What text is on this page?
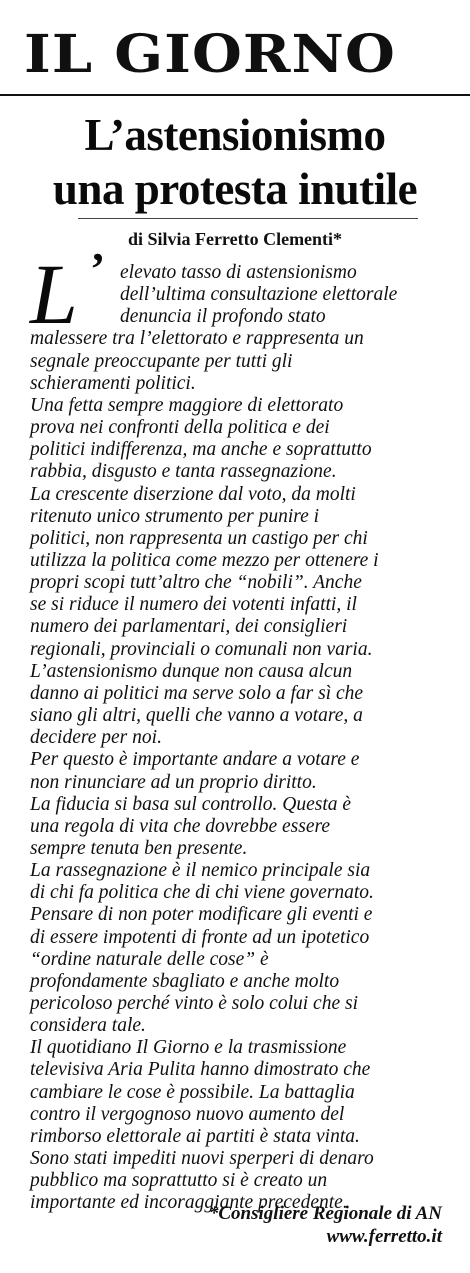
IL GIORNO
L’astensionismo
una protesta inutile
di Silvia Ferretto Clementi*
L ’ elevato tasso di astensionismo

dell’ultima consultazione elettorale

denuncia il profondo stato

malessere tra l’elettorato e rappresenta un

segnale preoccupante per tutti gli

schieramenti politici.

Una fetta sempre maggiore di elettorato

prova nei confronti della politica e dei

politici indifferenza, ma anche e soprattutto

rabbia, disgusto e tanta rassegnazione.

La crescente diserzione dal voto, da molti

ritenuto unico strumento per punire i

politici, non rappresenta un castigo per chi

utilizza la politica come mezzo per ottenere i

propri scopi tutt’altro che “nobili”. Anche

se si riduce il numero dei votenti infatti, il

numero dei parlamentari, dei consiglieri

regionali, provinciali o comunali non varia.

L’astensionismo dunque non causa alcun

danno ai politici ma serve solo a far sì che

siano gli altri, quelli che vanno a votare, a

decidere per noi.

Per questo è importante andare a votare e

non rinunciare ad un proprio diritto.

La fiducia si basa sul controllo. Questa è

una regola di vita che dovrebbe essere

sempre tenuta ben presente.

La rassegnazione è il nemico principale sia

di chi fa politica che di chi viene governato.

Pensare di non poter modificare gli eventi e

di essere impotenti di fronte ad un ipotetico

“ordine naturale delle cose” è

profondamente sbagliato e anche molto

pericoloso perché vinto è solo colui che si

considera tale.

Il quotidiano Il Giorno e la trasmissione

televisiva Aria Pulita hanno dimostrato che

cambiare le cose è possibile. La battaglia

contro il vergognoso nuovo aumento del

rimborso elettorale ai partiti è stata vinta.

Sono stati impediti nuovi sperperi di denaro

pubblico ma soprattutto si è creato un

importante ed incoraggiante precedente.

*Consigliere Regionale di AN
www.ferretto.it
